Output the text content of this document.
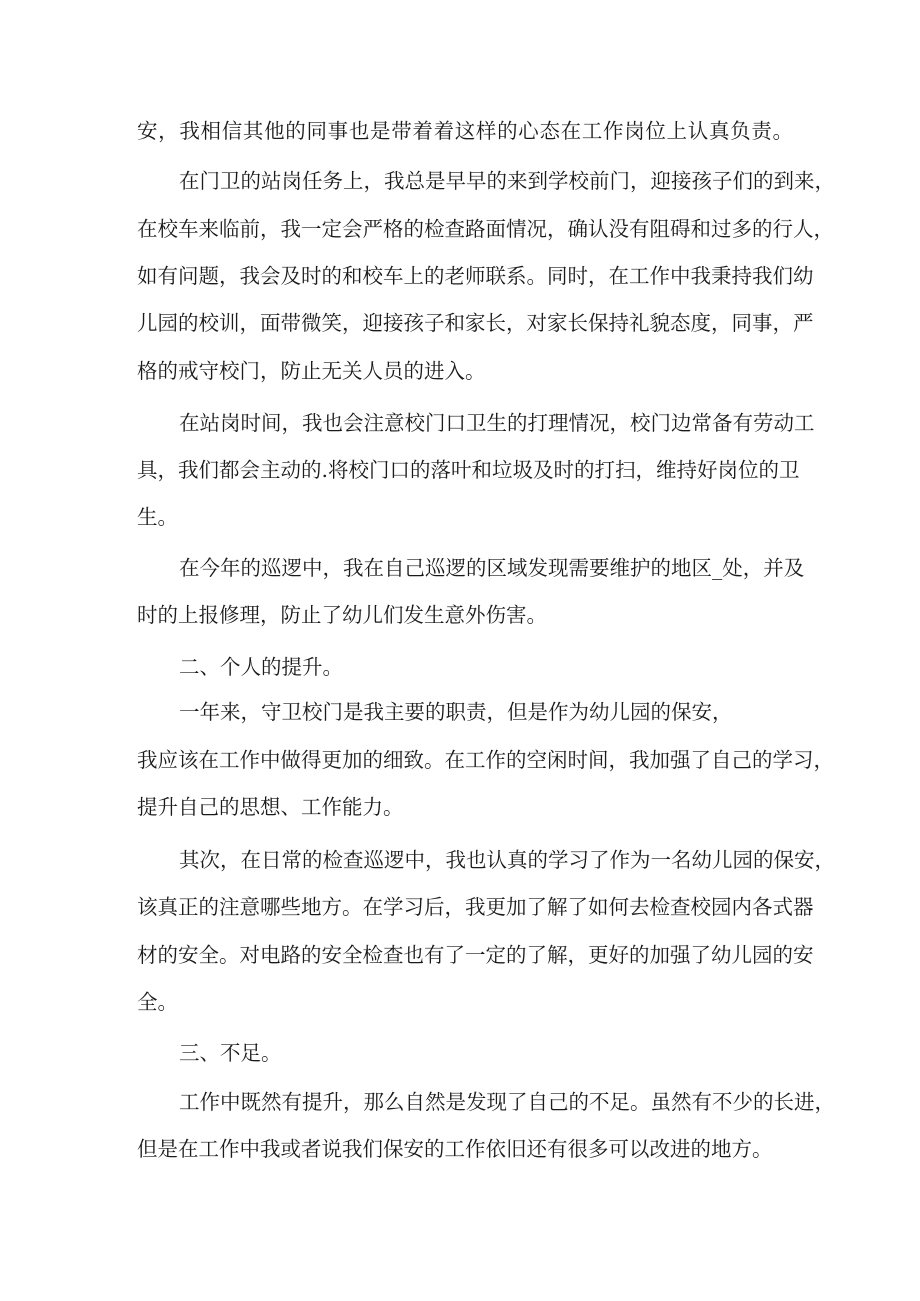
安，我相信其他的同事也是带着着这样的心态在工作岗位上认真负责。

在门卫的站岗任务上，我总是早早的来到学校前门，迎接孩子们的到来，

在校车来临前，我一定会严格的检查路面情况，确认没有阻碍和过多的行人，

如有问题，我会及时的和校车上的老师联系。同时，在工作中我秉持我们幼

儿园的校训，面带微笑，迎接孩子和家长，对家长保持礼貌态度，同事，严

格的戒守校门，防止无关人员的进入。

在站岗时间，我也会注意校门口卫生的打理情况，校门边常备有劳动工

具，我们都会主动的.将校门口的落叶和垃圾及时的打扫，维持好岗位的卫

生。

在今年的巡逻中，我在自己巡逻的区域发现需要维护的地区_处，并及

时的上报修理，防止了幼儿们发生意外伤害。

二、个人的提升。

一年来，守卫校门是我主要的职责，但是作为幼儿园的保安，

我应该在工作中做得更加的细致。在工作的空闲时间，我加强了自己的学习，

提升自己的思想、工作能力。

其次，在日常的检查巡逻中，我也认真的学习了作为一名幼儿园的保安，

该真正的注意哪些地方。在学习后，我更加了解了如何去检查校园内各式器

材的安全。对电路的安全检查也有了一定的了解，更好的加强了幼儿园的安

全。

三、不足。

工作中既然有提升，那么自然是发现了自己的不足。虽然有不少的长进，

但是在工作中我或者说我们保安的工作依旧还有很多可以改进的地方。
